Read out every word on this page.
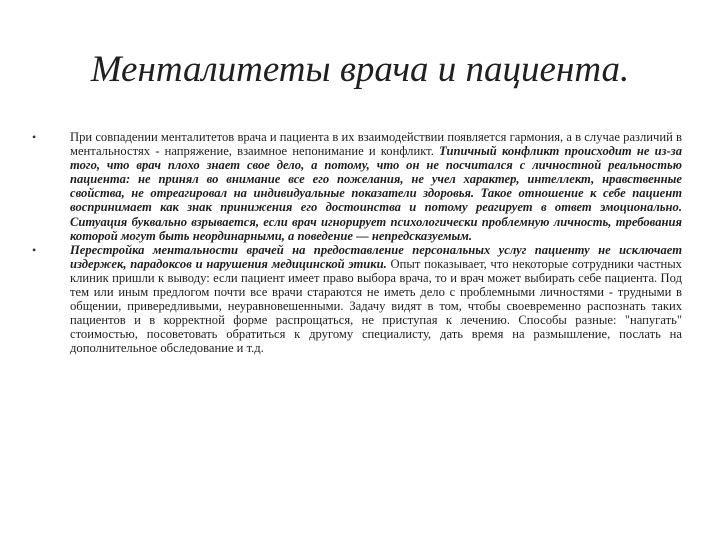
Менталитеты врача и пациента.
•	При совпадении менталитетов врача и пациента в их взаимодействии появляется гармония, а в случае различий в ментальностях - напряжение, взаимное непонимание и конфликт. Типичный конфликт происходит не из-за того, что врач плохо знает свое дело, а потому, что он не посчитался с личностной реальностью пациента: не принял во внимание все его пожелания, не учел характер, интеллект, нравственные свойства, не отреагировал на индивидуальные показатели здоровья. Такое отношение к себе пациент воспринимает как знак принижения его достоинства и потому реагирует в ответ эмоционально. Ситуация буквально взрывается, если врач игнорирует психологически проблемную личность, требования которой могут быть неординарными, а поведение — непредсказуемым.
•	Перестройка ментальности врачей на предоставление персональных услуг пациенту не исключает издержек, парадоксов и нарушения медицинской этики. Опыт показывает, что некоторые сотрудники частных клиник пришли к выводу: если пациент имеет право выбора врача, то и врач может выбирать себе пациента. Под тем или иным предлогом почти все врачи стараются не иметь дело с проблемными личностями - трудными в общении, привередливыми, неуравновешенными. Задачу видят в том, чтобы своевременно распознать таких пациентов и в корректной форме распрощаться, не приступая к лечению. Способы разные: "напугать" стоимостью, посоветовать обратиться к другому специалисту, дать время на размышление, послать на дополнительное обследование и т.д.
